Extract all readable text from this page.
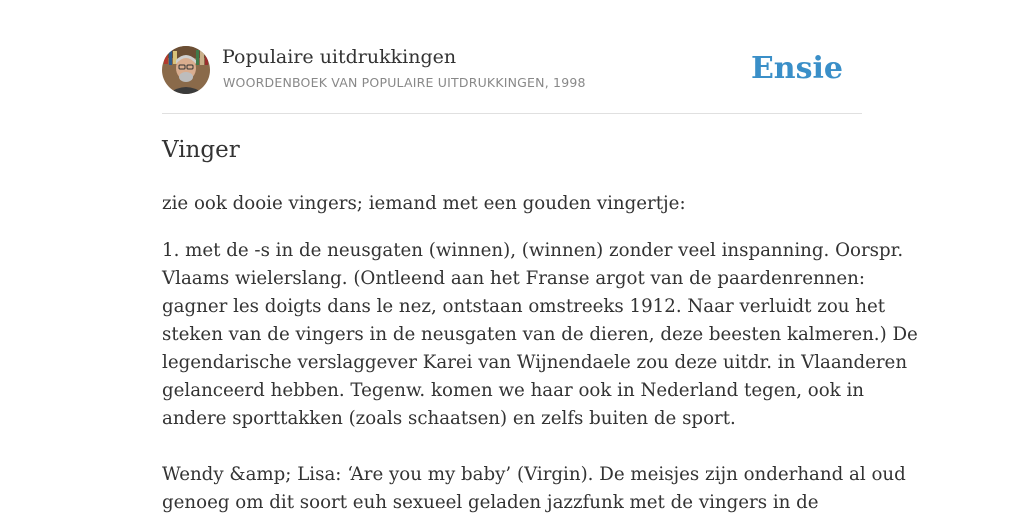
Populaire uitdrukkingen
WOORDENBOEK VAN POPULAIRE UITDRUKKINGEN, 1998	Ensie
Vinger
zie ook dooie vingers; iemand met een gouden vingertje:
1. met de -s in de neusgaten (winnen), (winnen) zonder veel inspanning. Oorspr.
Vlaams wielerslang. (Ontleend aan het Franse argot van de paardenrennen:
gagner les doigts dans le nez, ontstaan omstreeks 1912. Naar verluidt zou het
steken van de vingers in de neusgaten van de dieren, deze beesten kalmeren.) De
legendarische verslaggever Karei van Wijnendaele zou deze uitdr. in Vlaanderen
gelanceerd hebben. Tegenw. komen we haar ook in Nederland tegen, ook in
andere sporttakken (zoals schaatsen) en zelfs buiten de sport.
Wendy &amp; Lisa: ‘Are you my baby’ (Virgin). De meisjes zijn onderhand al oud
genoeg om dit soort euh sexueel geladen jazzfunk met de vingers in de
